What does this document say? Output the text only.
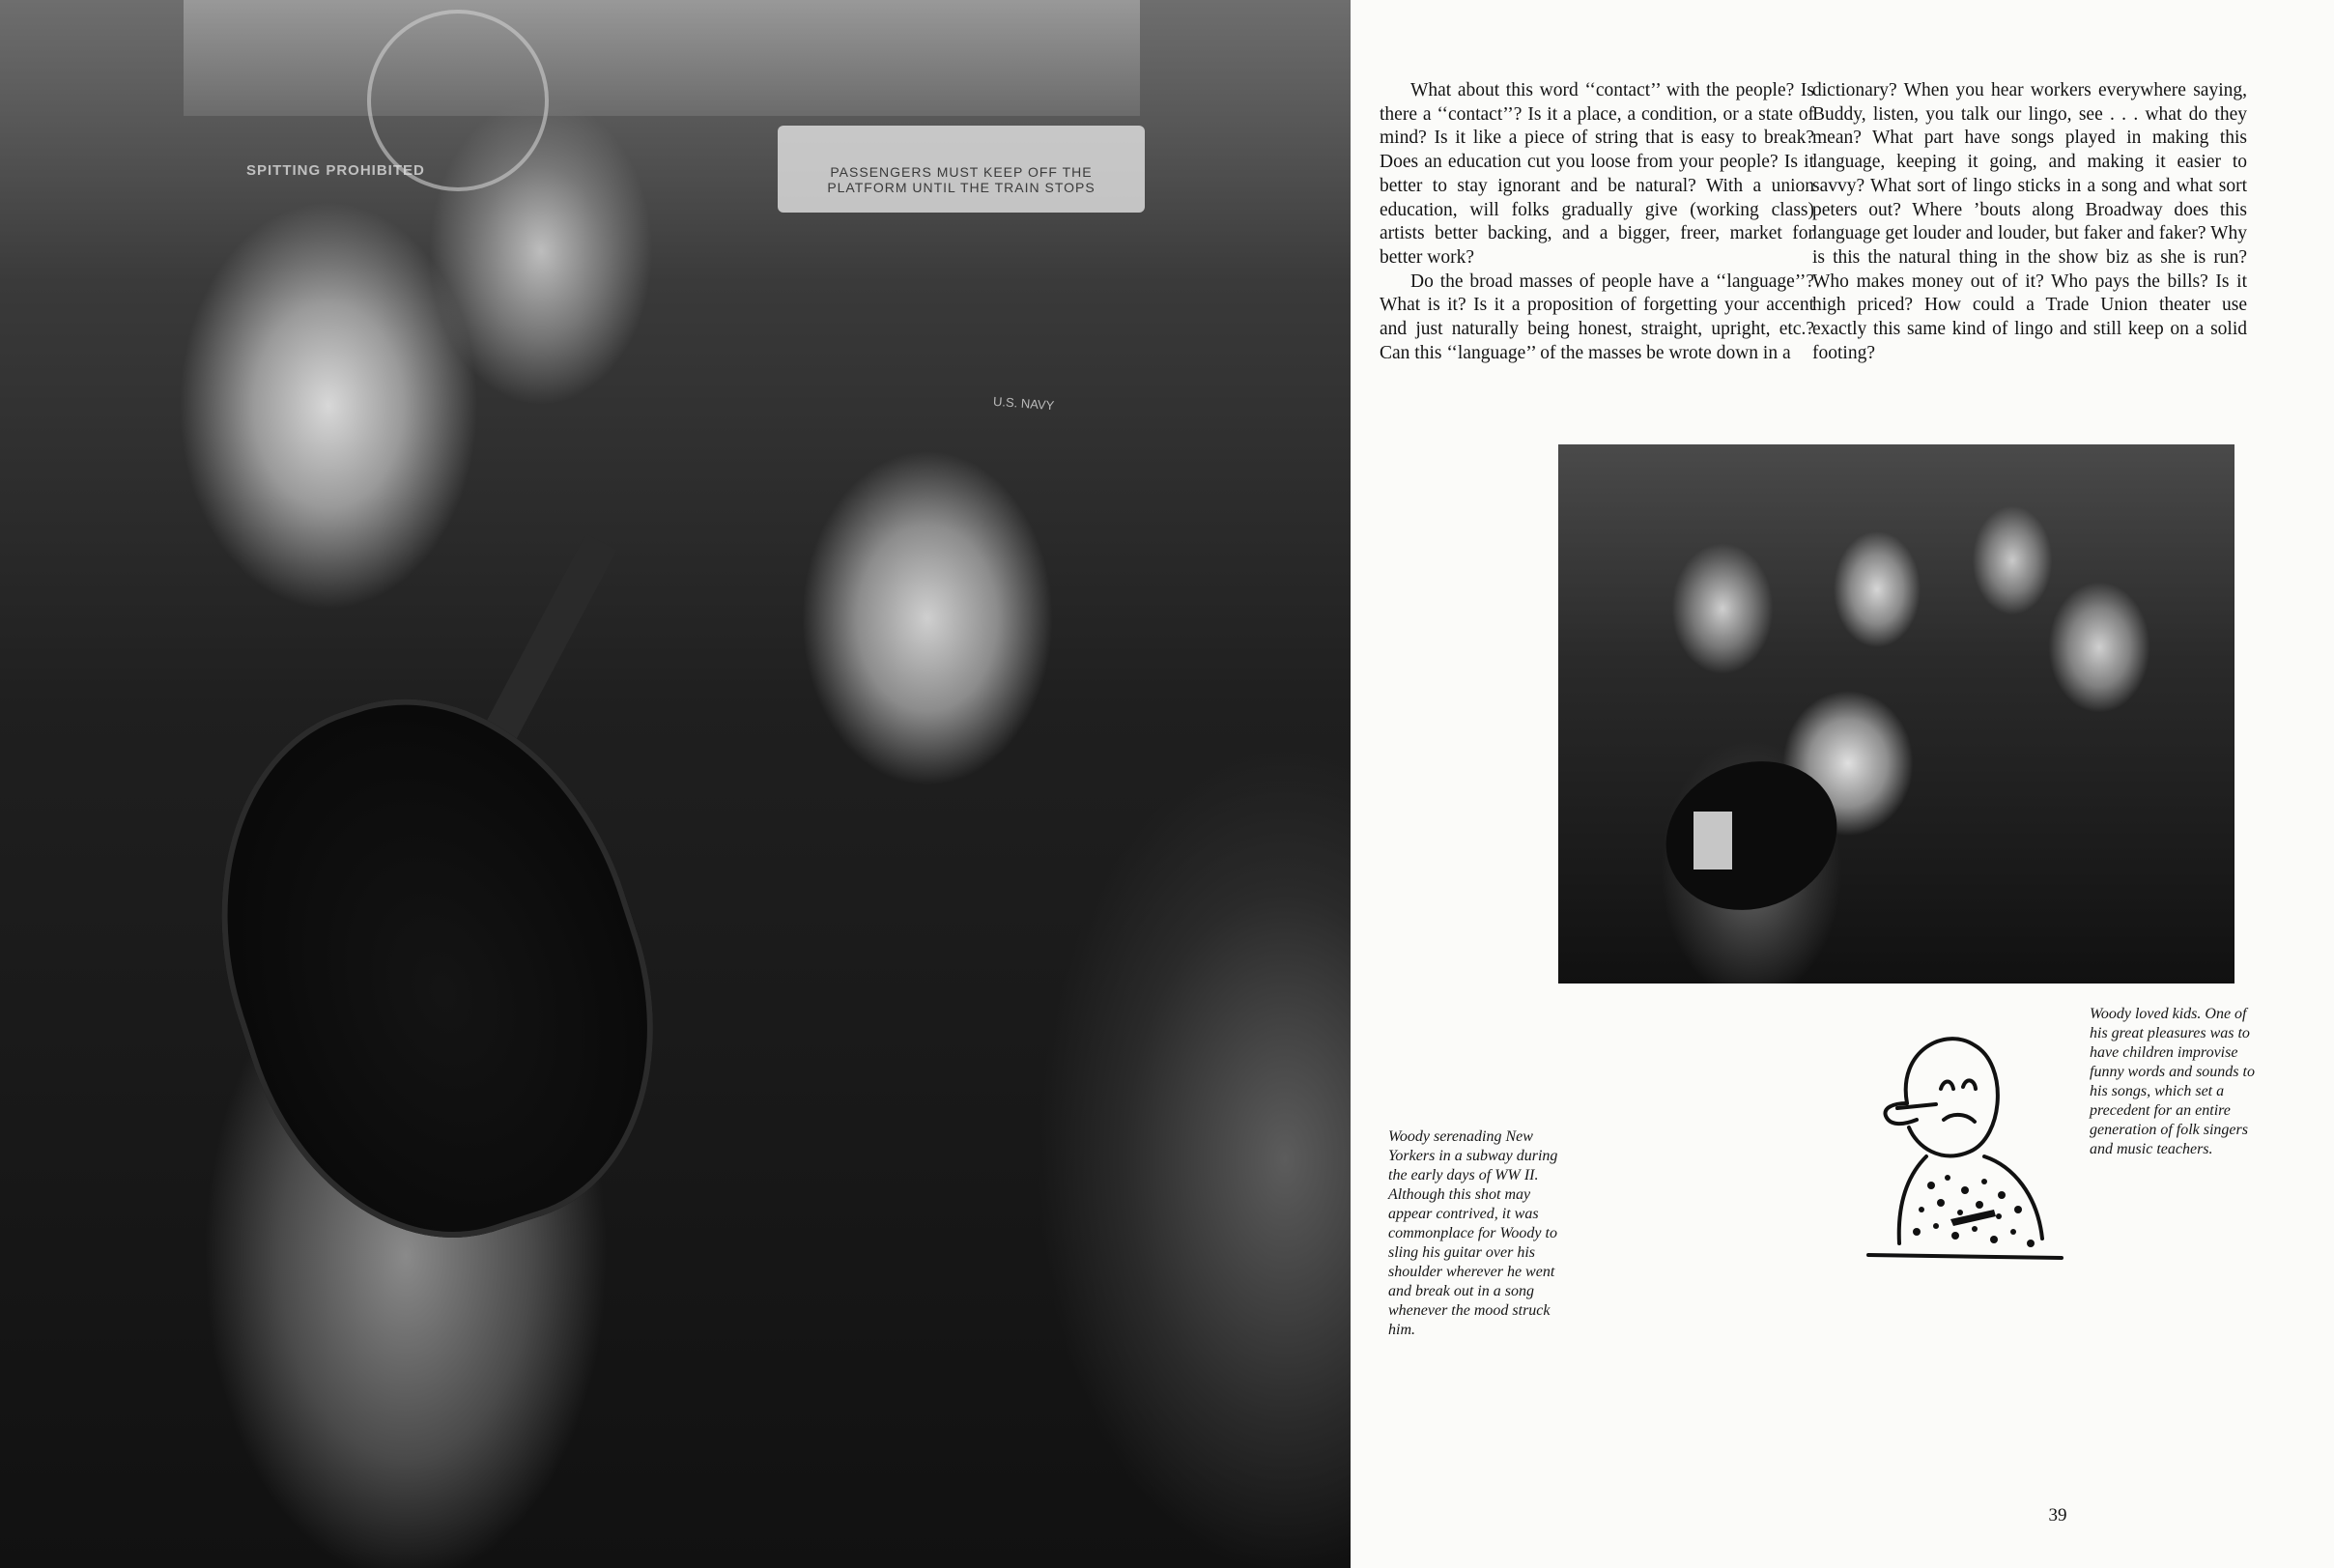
PASSENGERS MUST KEEP OFF THE PLATFORM UNTIL THE TRAIN STOPS
SPITTING PROHIBITED
U.S. NAVY

What about this word ‘‘contact’’ with the people? Is there a ‘‘contact’’? Is it a place, a condition, or a state of mind? Is it like a piece of string that is easy to break? Does an education cut you loose from your people? Is it better to stay ignorant and be natural? With a union education, will folks gradually give (working class) artists better backing, and a bigger, freer, market for better work?

Do the broad masses of people have a ‘‘language’’? What is it? Is it a proposition of forgetting your accent and just naturally being honest, straight, upright, etc.? Can this ‘‘language’’ of the masses be wrote down in a

dictionary? When you hear workers everywhere saying, Buddy, listen, you talk our lingo, see . . . what do they mean? What part have songs played in making this language, keeping it going, and making it easier to savvy? What sort of lingo sticks in a song and what sort peters out? Where ’bouts along Broadway does this language get louder and louder, but faker and faker? Why is this the natural thing in the show biz as she is run? Who makes money out of it? Who pays the bills? Is it high priced? How could a Trade Union theater use exactly this same kind of lingo and still keep on a solid footing?

Woody serenading New Yorkers in a subway during the early days of WW II. Although this shot may appear contrived, it was commonplace for Woody to sling his guitar over his shoulder wherever he went and break out in a song whenever the mood struck him.
Woody loved kids. One of his great pleasures was to have children improvise funny words and sounds to his songs, which set a precedent for an entire generation of folk singers and music teachers.
39
